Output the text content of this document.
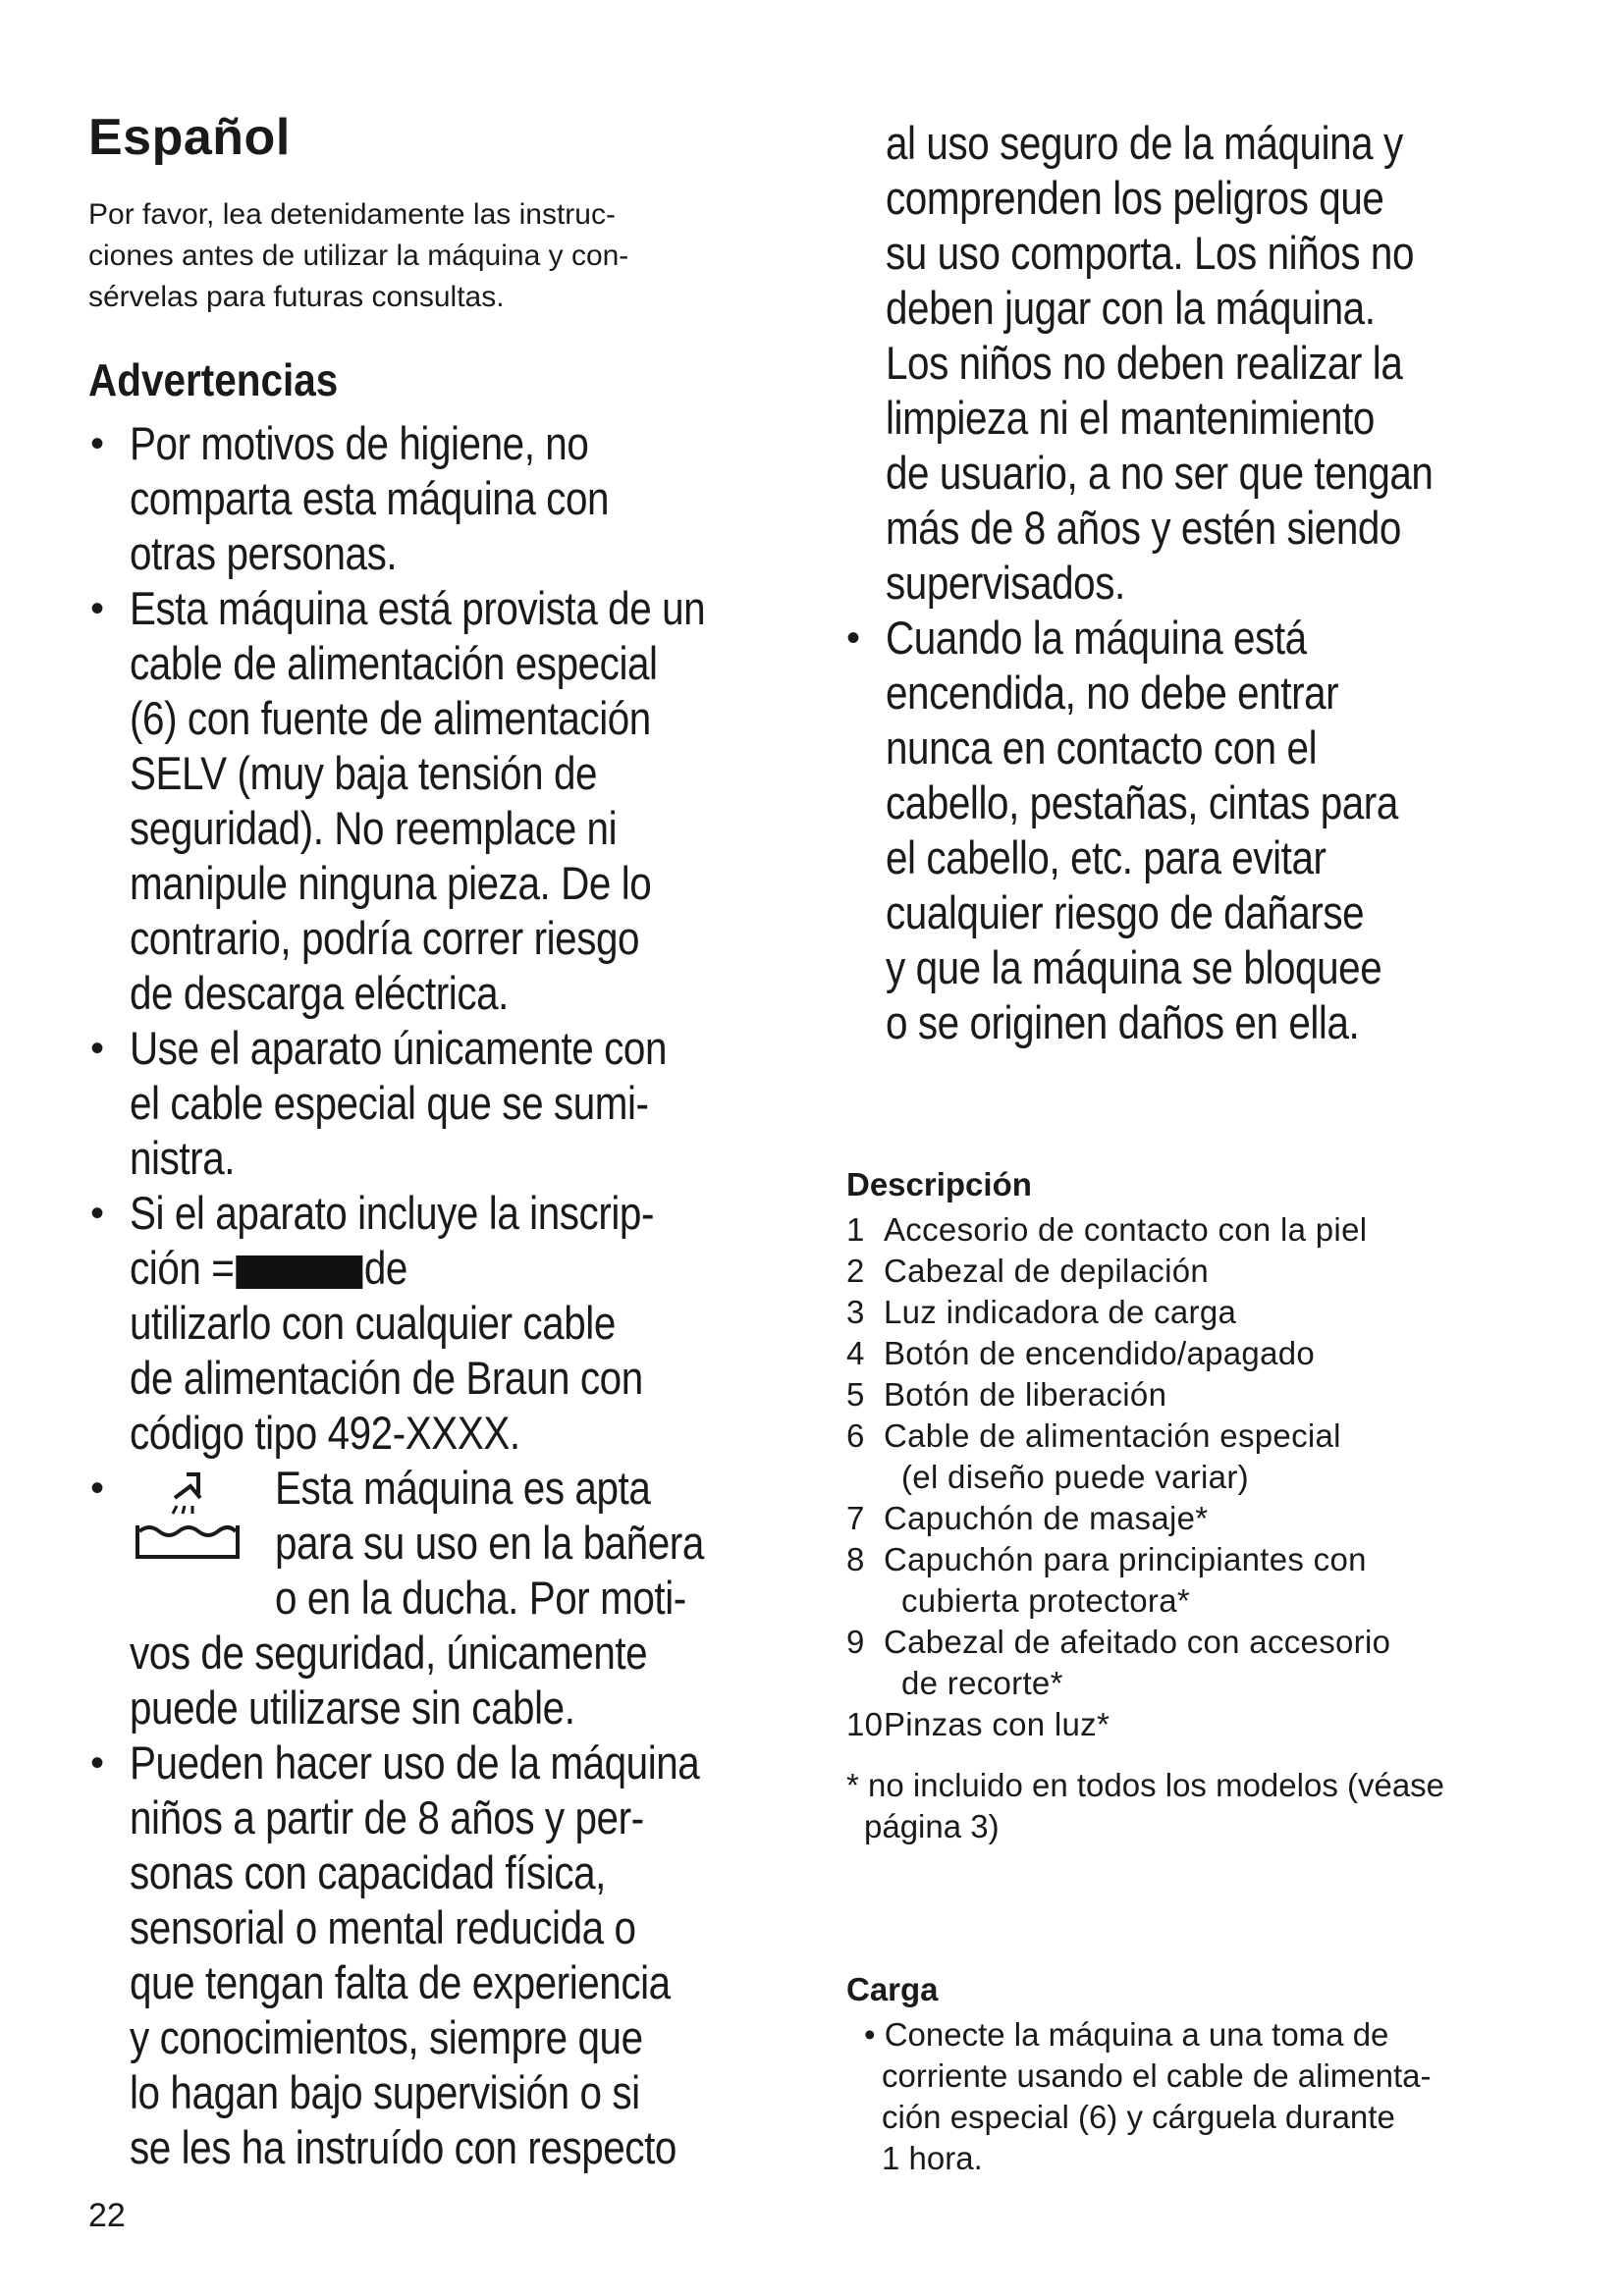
Español
Por favor, lea detenidamente las instruc-
ciones antes de utilizar la máquina y con-
sérvelas para futuras consultas.
Advertencias
• Por motivos de higiene, no
comparta esta máquina con
otras personas.
• Esta máquina está provista de un
cable de alimentación especial
(6) con fuente de alimentación
SELV (muy baja tensión de
seguridad). No reemplace ni
manipule ninguna pieza. De lo
contrario, podría correr riesgo
de descarga eléctrica.
• Use el aparato únicamente con
el cable especial que se sumi-
nistra.
• Si el aparato incluye la inscrip-
ción =	de
utilizarlo con cualquier cable
de alimentación de Braun con
código tipo 492-XXXX.
•	Esta máquina es apta
para su uso en la bañera
o en la ducha. Por moti-
vos de seguridad, únicamente
puede utilizarse sin cable.
• Pueden hacer uso de la máquina
niños a partir de 8 años y per-
sonas con capacidad física,
sensorial o mental reducida o
que tengan falta de experiencia
y conocimientos, siempre que
lo hagan bajo supervisión o si
se les ha instruído con respecto
al uso seguro de la máquina y
comprenden los peligros que
su uso comporta. Los niños no
deben jugar con la máquina.
Los niños no deben realizar la
limpieza ni el mantenimiento
de usuario, a no ser que tengan
más de 8 años y estén siendo
supervisados.
• Cuando la máquina está
encendida, no debe entrar
nunca en contacto con el
cabello, pestañas, cintas para
el cabello, etc. para evitar
cualquier riesgo de dañarse
y que la máquina se bloquee
o se originen daños en ella.
Descripción
1 Accesorio de contacto con la piel
2 Cabezal de depilación
3 Luz indicadora de carga
4 Botón de encendido/apagado
5 Botón de liberación
6 Cable de alimentación especial
(el diseño puede variar)
7 Capuchón de masaje*
8 Capuchón para principiantes con
cubierta protectora*
9 Cabezal de afeitado con accesorio
de recorte*
10Pinzas con luz*
* no incluido en todos los modelos (véase
página 3)
Carga
• Conecte la máquina a una toma de
corriente usando el cable de alimenta-
ción especial (6) y cárguela durante
1 hora.
22
